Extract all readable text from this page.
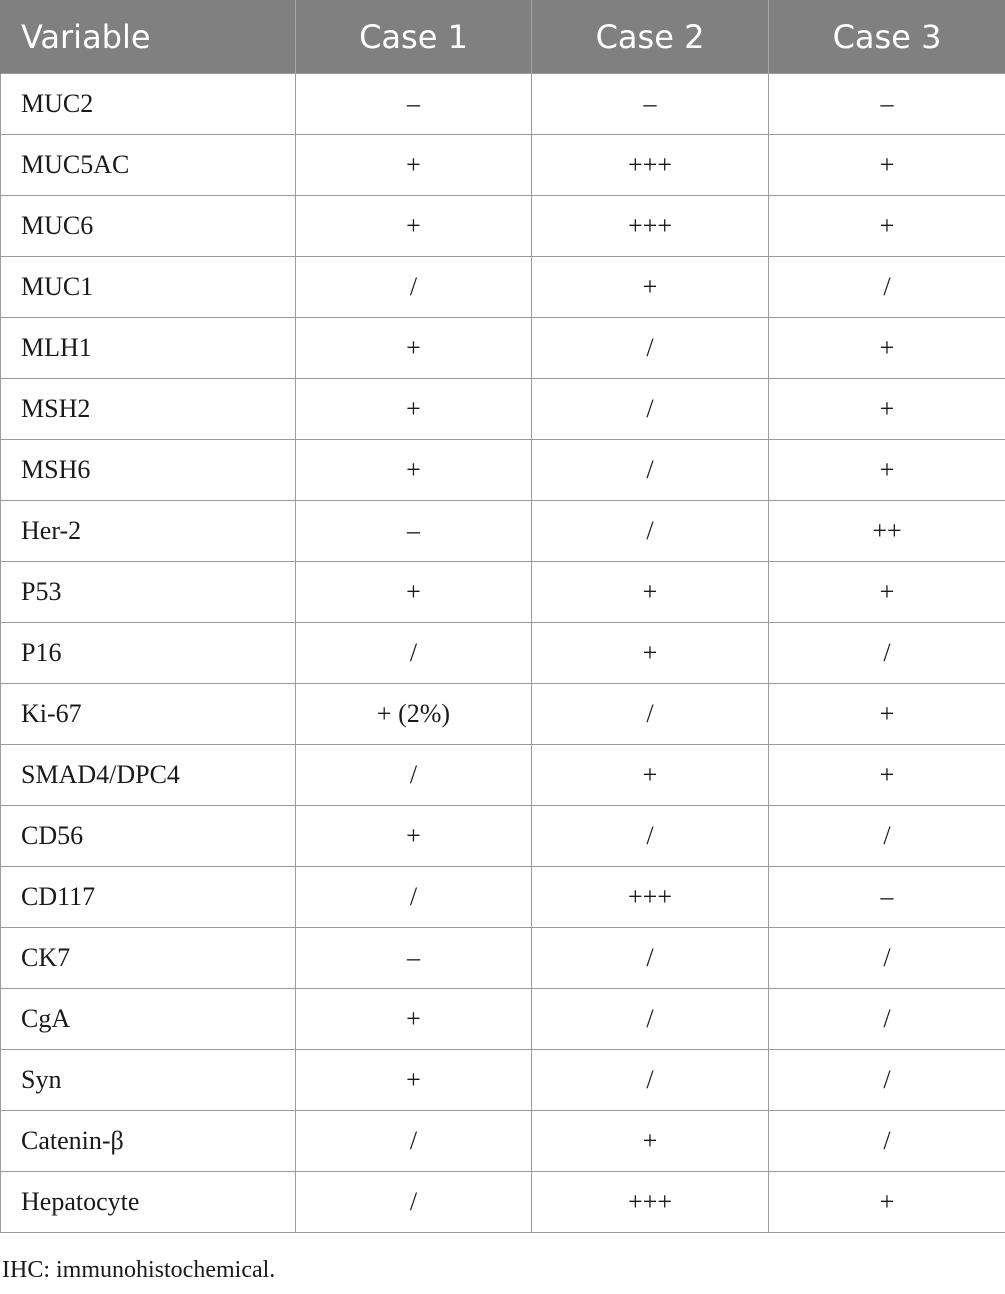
Variable	Case 1	Case 2	Case 3
MUC2	–	–	–
MUC5AC	+	+++	+
MUC6	+	+++	+
MUC1	/	+	/
MLH1	+	/	+
MSH2	+	/	+
MSH6	+	/	+
Her-2	–	/	++
P53	+	+	+
P16	/	+	/
Ki-67	+ (2%)	/	+
SMAD4/DPC4	/	+	+
CD56	+	/	/
CD117	/	+++	–
CK7	–	/	/
CgA	+	/	/
Syn	+	/	/
Catenin-β	/	+	/
Hepatocyte	/	+++	+

IHC: immunohistochemical.
